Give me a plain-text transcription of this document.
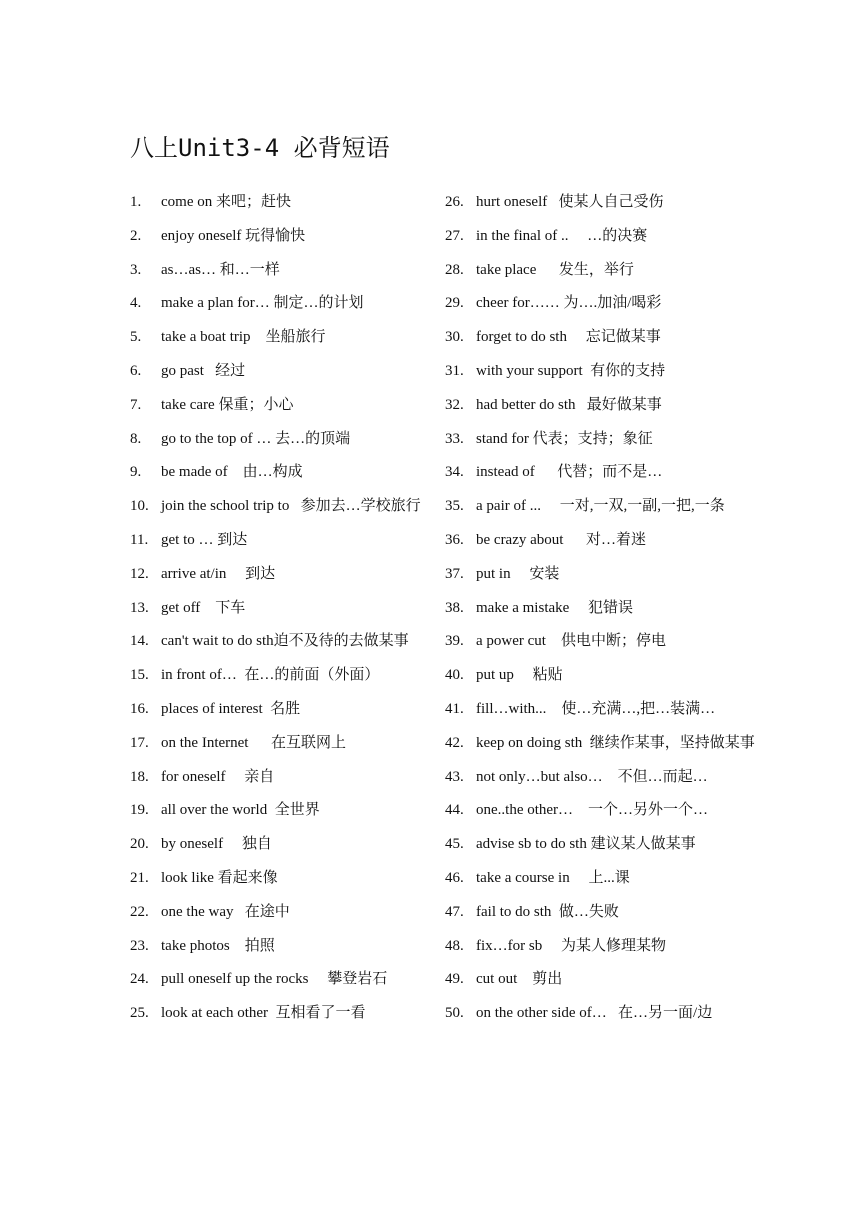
八上Unit3-4 必背短语
1.	come on 来吧；赶快
2.	enjoy oneself 玩得愉快
3.	as…as… 和…一样
4.	make a plan for… 制定…的计划
5.	take a boat trip    坐船旅行
6.	go past   经过
7.	take care 保重；小心
8.	go to the top of … 去…的顶端
9.	be made of    由…构成
10. join the school trip to   参加去…学校旅行
11. get to … 到达
12. arrive at/in     到达
13. get off    下车
14. can't wait to do sth迫不及待的去做某事
15. in front of…  在…的前面（外面）
16. places of interest  名胜
17. on the Internet      在互联网上
18. for oneself     亲自
19. all over the world  全世界
20. by oneself     独自
21. look like 看起来像
22. one the way   在途中
23. take photos    拍照
24. pull oneself up the rocks     攀登岩石
25. look at each other  互相看了一看
26. hurt oneself   使某人自己受伤
27. in the final of ..     …的决赛
28. take place      发生，举行
29. cheer for…… 为….加油/喝彩
30. forget to do sth     忘记做某事
31. with your support  有你的支持
32. had better do sth   最好做某事
33. stand for 代表；支持；象征
34. instead of      代替；而不是…
35. a pair of ...     一对,一双,一副,一把,一条
36. be crazy about      对…着迷
37. put in     安装
38. make a mistake     犯错误
39. a power cut    供电中断；停电
40. put up     粘贴
41. fill…with...    使…充满…,把…装满…
42. keep on doing sth  继续作某事，坚持做某事
43. not only…but also…    不但…而起…
44. one..the other…    一个…另外一个…
45. advise sb to do sth 建议某人做某事
46. take a course in     上...课
47. fail to do sth  做…失败
48. fix…for sb     为某人修理某物
49. cut out    剪出
50. on the other side of…   在…另一面/边
